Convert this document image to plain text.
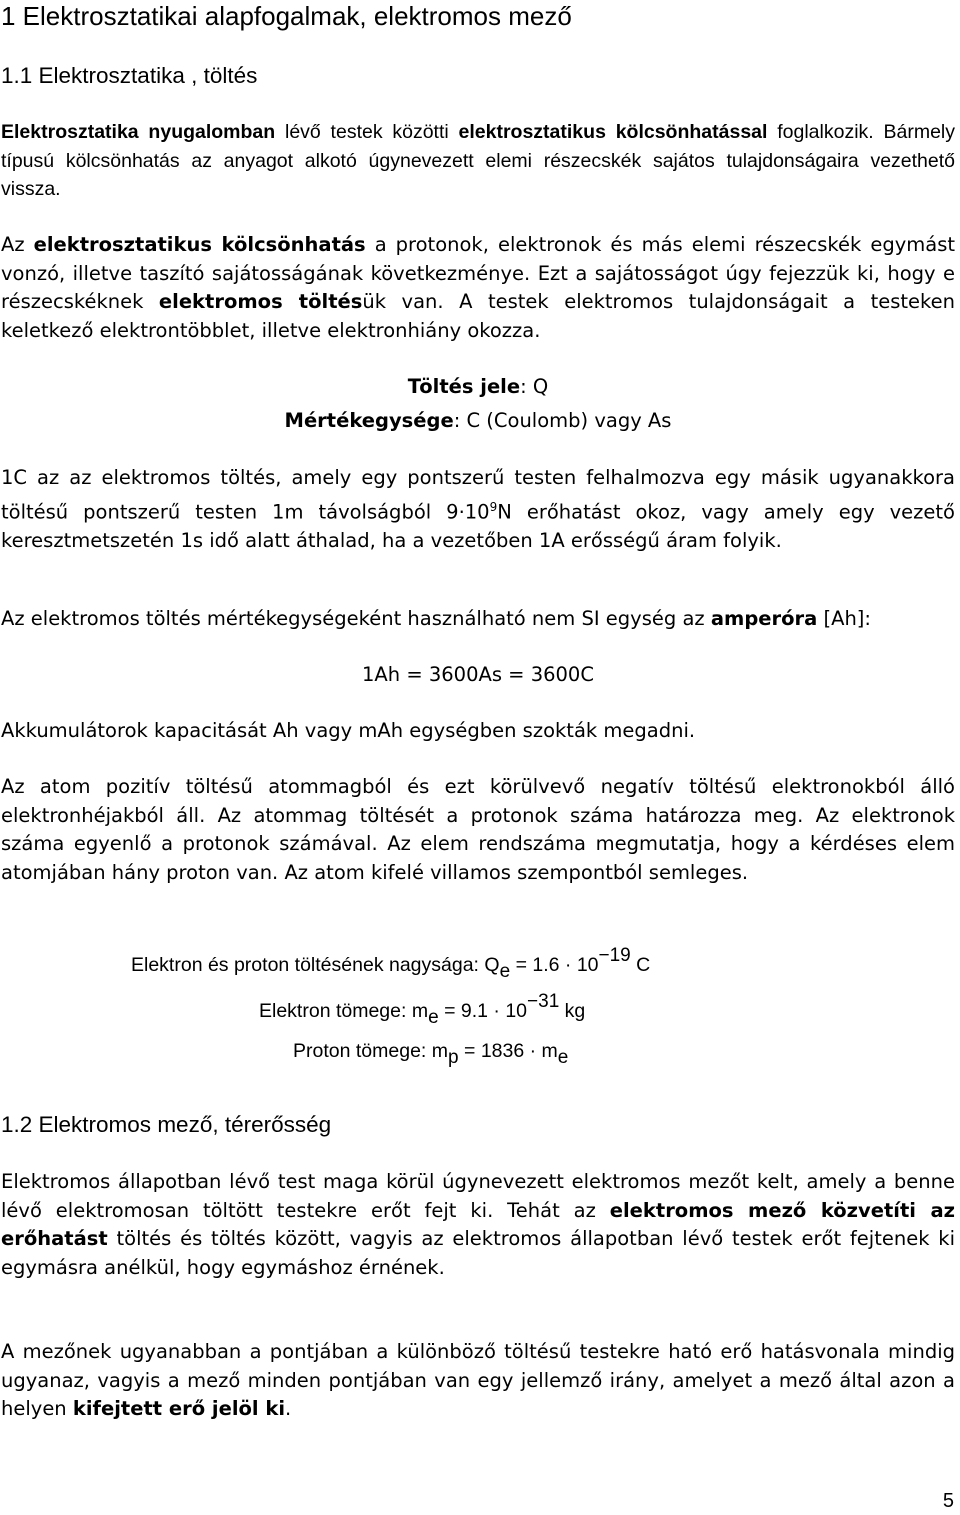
1 Elektrosztatikai alapfogalmak, elektromos mező
1.1 Elektrosztatika , töltés

Elektrosztatika nyugalomban lévő testek közötti elektrosztatikus kölcsönhatással foglalkozik. Bármely típusú kölcsönhatás az anyagot alkotó úgynevezett elemi részecskék sajátos tulajdonságaira vezethető vissza.

Az elektrosztatikus kölcsönhatás a protonok, elektronok és más elemi részecskék egymást vonzó, illetve taszító sajátosságának következménye. Ezt a sajátosságot úgy fejezzük ki, hogy e részecskéknek elektromos töltésük van. A testek elektromos tulajdonságait a testeken keletkező elektrontöbblet, illetve elektronhiány okozza.

Töltés jele: Q
Mértékegysége: C (Coulomb) vagy As

1C az az elektromos töltés, amely egy pontszerű testen felhalmozva egy másik ugyanakkora töltésű pontszerű testen 1m távolságból $9\cdot 10^9N$ erőhatást okoz, vagy amely egy vezető keresztmetszetén 1s idő alatt áthalad, ha a vezetőben 1A erősségű áram folyik.

Az elektromos töltés mértékegységeként használható nem SI egység az amperóra [Ah]:

1Ah = 3600As = 3600C

Akkumulátorok kapacitását Ah vagy mAh egységben szokták megadni.

Az atom pozitív töltésű atommagból és ezt körülvevő negatív töltésű elektronokból álló elektronhéjakból áll. Az atommag töltését a protonok száma határozza meg. Az elektronok száma egyenlő a protonok számával. Az elem rendszáma megmutatja, hogy a kérdéses elem atomjában hány proton van. Az atom kifelé villamos szempontból semleges.

Elektron és proton töltésének nagysága: Qe = 1.6 · 10−19 C
Elektron tömege: me = 9.1 · 10−31 kg
Proton tömege: mp = 1836 · me
1.2 Elektromos mező, térerősség

Elektromos állapotban lévő test maga körül úgynevezett elektromos mezőt kelt, amely a benne lévő elektromosan töltött testekre erőt fejt ki. Tehát az elektromos mező közvetíti az erőhatást töltés és töltés között, vagyis az elektromos állapotban lévő testek erőt fejtenek ki egymásra anélkül, hogy egymáshoz érnének.

A mezőnek ugyanabban a pontjában a különböző töltésű testekre ható erő hatásvonala mindig ugyanaz, vagyis a mező minden pontjában van egy jellemző irány, amelyet a mező által azon a helyen kifejtett erő jelöl ki.

5
